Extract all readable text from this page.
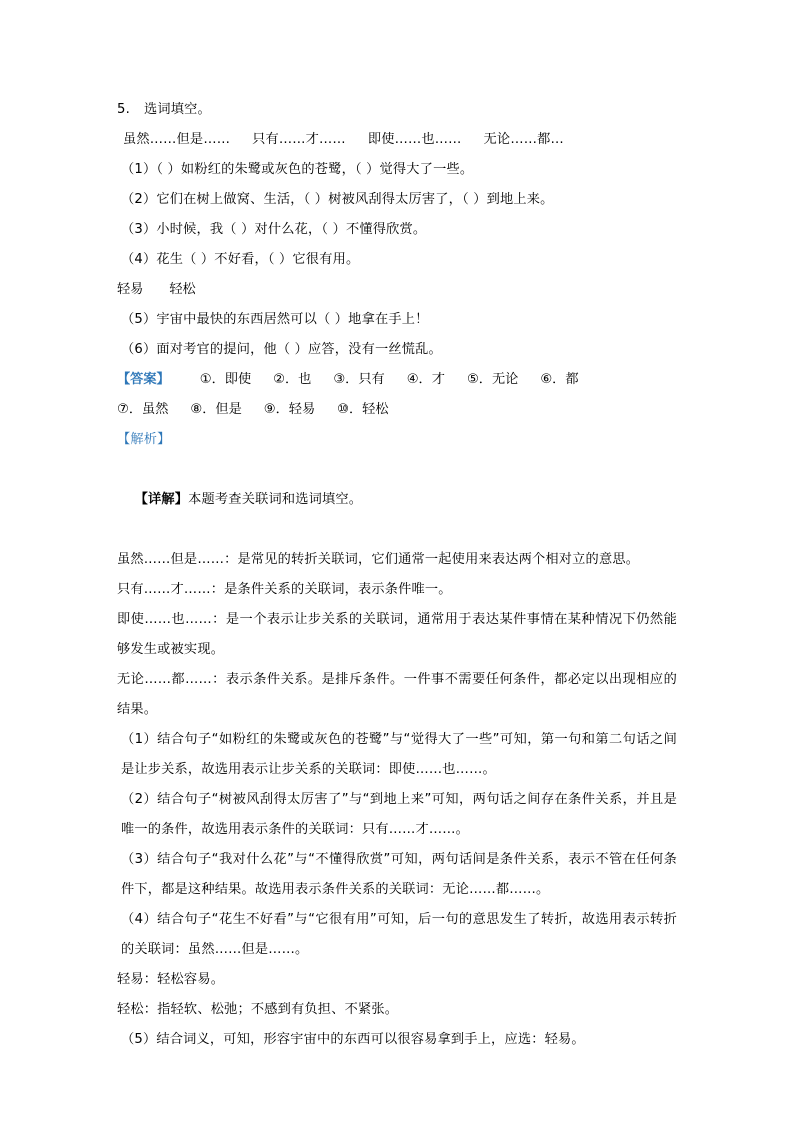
5. 选词填空。
虽然……但是…… 只有……才…… 即使……也…… 无论……都…
（1）（ ）如粉红的朱鹭或灰色的苍鹭，（ ）觉得大了一些。
（2）它们在树上做窝、生活，（ ）树被风刮得太厉害了，（ ）到地上来。
（3）小时候，我（ ）对什么花，（ ）不懂得欣赏。
（4）花生（ ）不好看，（ ）它很有用。
轻易 轻松
（5）宇宙中最快的东西居然可以（ ）地拿在手上！
（6）面对考官的提问，他（ ）应答，没有一丝慌乱。
【答案】 ①．即使 ②．也 ③．只有 ④．才 ⑤．无论 ⑥．都
⑦．虽然 ⑧．但是 ⑨．轻易 ⑩．轻松
【解析】

【详解】本题考查关联词和选词填空。

虽然……但是……：是常见的转折关联词，它们通常一起使用来表达两个相对立的意思。
只有……才……：是条件关系的关联词，表示条件唯一。
即使……也……：是一个表示让步关系的关联词，通常用于表达某件事情在某种情况下仍然能够发生或被实现。
无论……都……：表示条件关系。是排斥条件。一件事不需要任何条件，都必定以出现相应的结果。
（1）结合句子“如粉红的朱鹭或灰色的苍鹭”与“觉得大了一些”可知，第一句和第二句话之间是让步关系，故选用表示让步关系的关联词：即使……也……。
（2）结合句子“树被风刮得太厉害了”与“到地上来”可知，两句话之间存在条件关系，并且是唯一的条件，故选用表示条件的关联词：只有……才……。
（3）结合句子“我对什么花”与“不懂得欣赏”可知，两句话间是条件关系，表示不管在任何条件下，都是这种结果。故选用表示条件关系的关联词：无论……都……。
（4）结合句子“花生不好看”与“它很有用”可知，后一句的意思发生了转折，故选用表示转折的关联词：虽然……但是……。
轻易：轻松容易。
轻松：指轻软、松弛；不感到有负担、不紧张。
（5）结合词义，可知，形容宇宙中的东西可以很容易拿到手上，应选：轻易。
